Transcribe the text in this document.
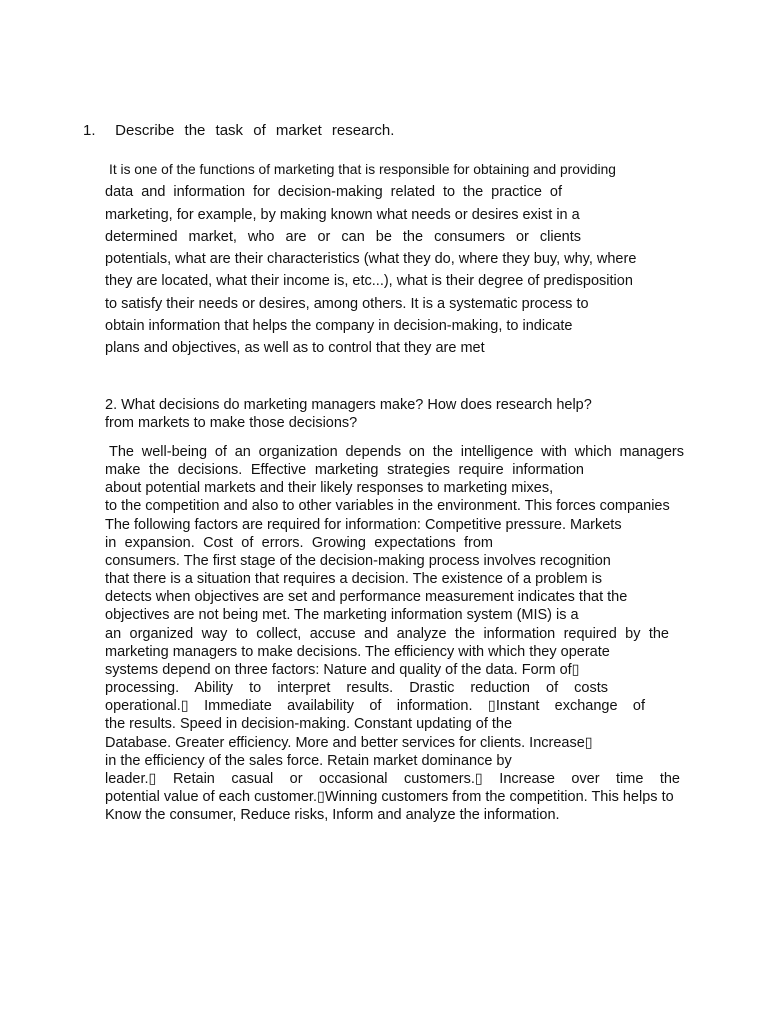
1. Describe the task of market research.
It is one of the functions of marketing that is responsible for obtaining and providing
data and information for decision-making related to the practice of
marketing, for example, by making known what needs or desires exist in a
determined market, who are or can be the consumers or clients
potentials, what are their characteristics (what they do, where they buy, why, where
they are located, what their income is, etc...), what is their degree of predisposition
to satisfy their needs or desires, among others. It is a systematic process to
obtain information that helps the company in decision-making, to indicate
plans and objectives, as well as to control that they are met
2. What decisions do marketing managers make? How does research help?
from markets to make those decisions?
The well-being of an organization depends on the intelligence with which managers
make the decisions. Effective marketing strategies require information
about potential markets and their likely responses to marketing mixes,
to the competition and also to other variables in the environment. This forces companies
The following factors are required for information: Competitive pressure. Markets
in expansion. Cost of errors. Growing expectations from
consumers. The first stage of the decision-making process involves recognition
that there is a situation that requires a decision. The existence of a problem is
detects when objectives are set and performance measurement indicates that the
objectives are not being met. The marketing information system (MIS) is a
an organized way to collect, accuse and analyze the information required by the
marketing managers to make decisions. The efficiency with which they operate
systems depend on three factors: Nature and quality of the data. Form of▯
processing. Ability to interpret results. Drastic reduction of costs
operational.▯ Immediate availability of information. ▯Instant exchange of
the results. Speed in decision-making. Constant updating of the
Database. Greater efficiency. More and better services for clients. Increase▯
in the efficiency of the sales force. Retain market dominance by
leader.▯ Retain casual or occasional customers.▯ Increase over time the
potential value of each customer.▯Winning customers from the competition. This helps to
Know the consumer, Reduce risks, Inform and analyze the information.
